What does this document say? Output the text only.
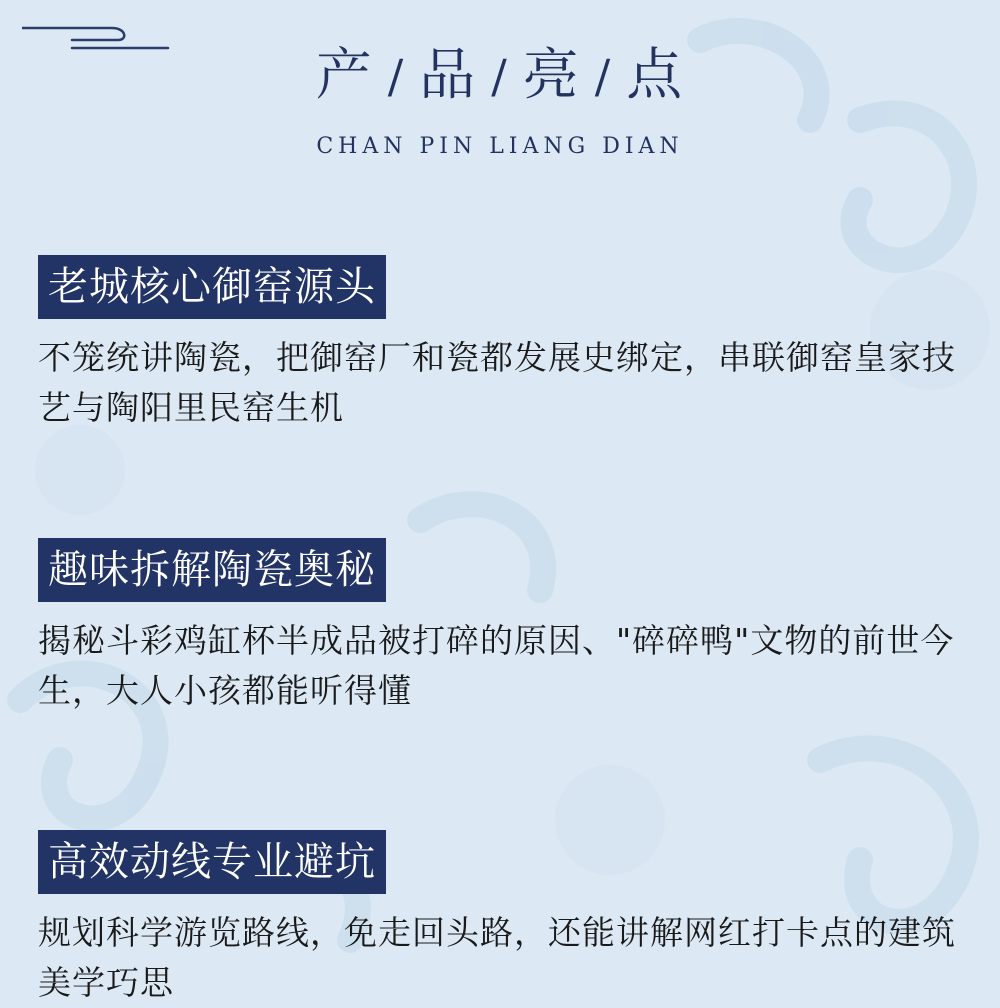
产 / 品 / 亮 / 点
CHAN PIN LIANG DIAN
老城核心御窑源头
不笼统讲陶瓷，把御窑厂和瓷都发展史绑定，串联御窑皇家技艺与陶阳里民窑生机
趣味拆解陶瓷奥秘
揭秘斗彩鸡缸杯半成品被打碎的原因、"碎碎鸭"文物的前世今生，大人小孩都能听得懂
高效动线专业避坑
规划科学游览路线，免走回头路，还能讲解网红打卡点的建筑美学巧思
